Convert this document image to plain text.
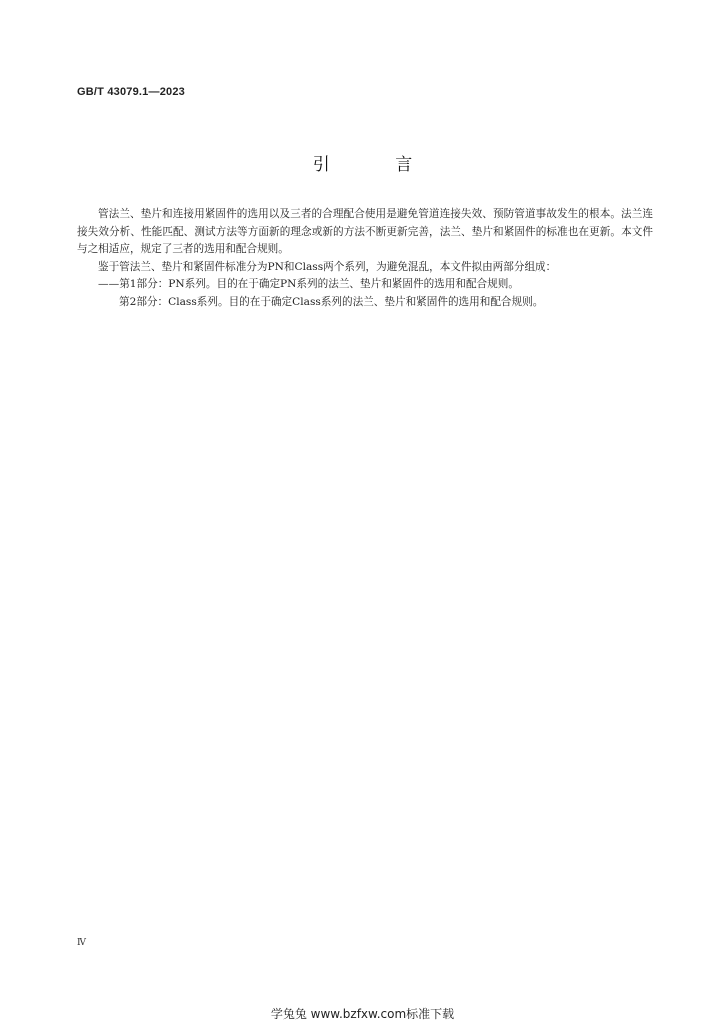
GB/T 43079.1—2023
引 言

管法兰、垫片和连接用紧固件的选用以及三者的合理配合使用是避免管道连接失效、预防管道事故发生的根本。法兰连接失效分析、性能匹配、测试方法等方面新的理念或新的方法不断更新完善，法兰、垫片和紧固件的标准也在更新。本文件与之相适应，规定了三者的选用和配合规则。

鉴于管法兰、垫片和紧固件标准分为PN和Class两个系列，为避免混乱，本文件拟由两部分组成：

——第1部分：PN系列。目的在于确定PN系列的法兰、垫片和紧固件的选用和配合规则。

第2部分：Class系列。目的在于确定Class系列的法兰、垫片和紧固件的选用和配合规则。

Ⅳ
学兔兔 www.bzfxw.com标准下载
